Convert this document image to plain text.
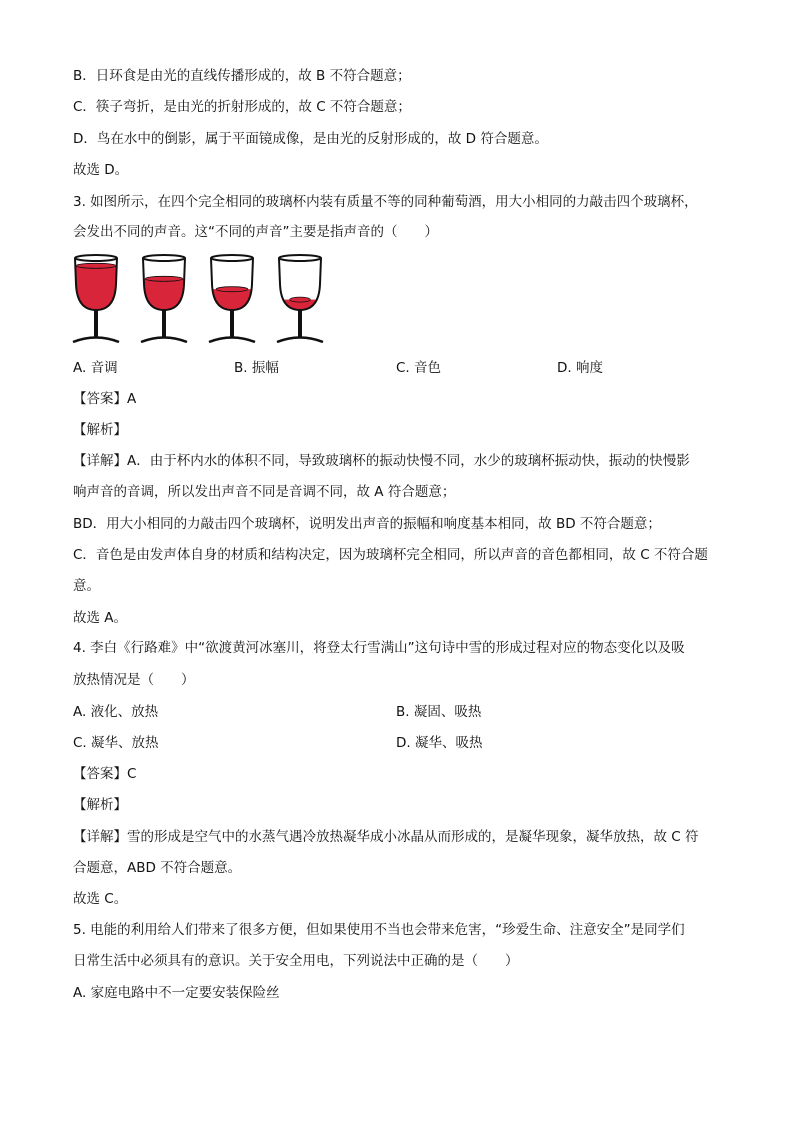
B．日环食是由光的直线传播形成的，故 B 不符合题意；
C．筷子弯折，是由光的折射形成的，故 C 不符合题意；
D．鸟在水中的倒影，属于平面镜成像，是由光的反射形成的，故 D 符合题意。
故选 D。
3. 如图所示，在四个完全相同的玻璃杯内装有质量不等的同种葡萄酒，用大小相同的力敲击四个玻璃杯，
会发出不同的声音。这“不同的声音”主要是指声音的（　　）
A. 音调	B. 振幅	C. 音色	D. 响度
【答案】A
【解析】
【详解】A．由于杯内水的体积不同，导致玻璃杯的振动快慢不同，水少的玻璃杯振动快，振动的快慢影
响声音的音调，所以发出声音不同是音调不同，故 A 符合题意；
BD．用大小相同的力敲击四个玻璃杯，说明发出声音的振幅和响度基本相同，故 BD 不符合题意；
C．音色是由发声体自身的材质和结构决定，因为玻璃杯完全相同，所以声音的音色都相同，故 C 不符合题
意。
故选 A。
4. 李白《行路难》中“欲渡黄河冰塞川，将登太行雪满山”这句诗中雪的形成过程对应的物态变化以及吸
放热情况是（　　）
A. 液化、放热	B. 凝固、吸热
C. 凝华、放热	D. 凝华、吸热
【答案】C
【解析】
【详解】雪的形成是空气中的水蒸气遇冷放热凝华成小冰晶从而形成的，是凝华现象，凝华放热，故 C 符
合题意，ABD 不符合题意。
故选 C。
5. 电能的利用给人们带来了很多方便，但如果使用不当也会带来危害，“珍爱生命、注意安全”是同学们
日常生活中必须具有的意识。关于安全用电，下列说法中正确的是（　　）
A. 家庭电路中不一定要安装保险丝
